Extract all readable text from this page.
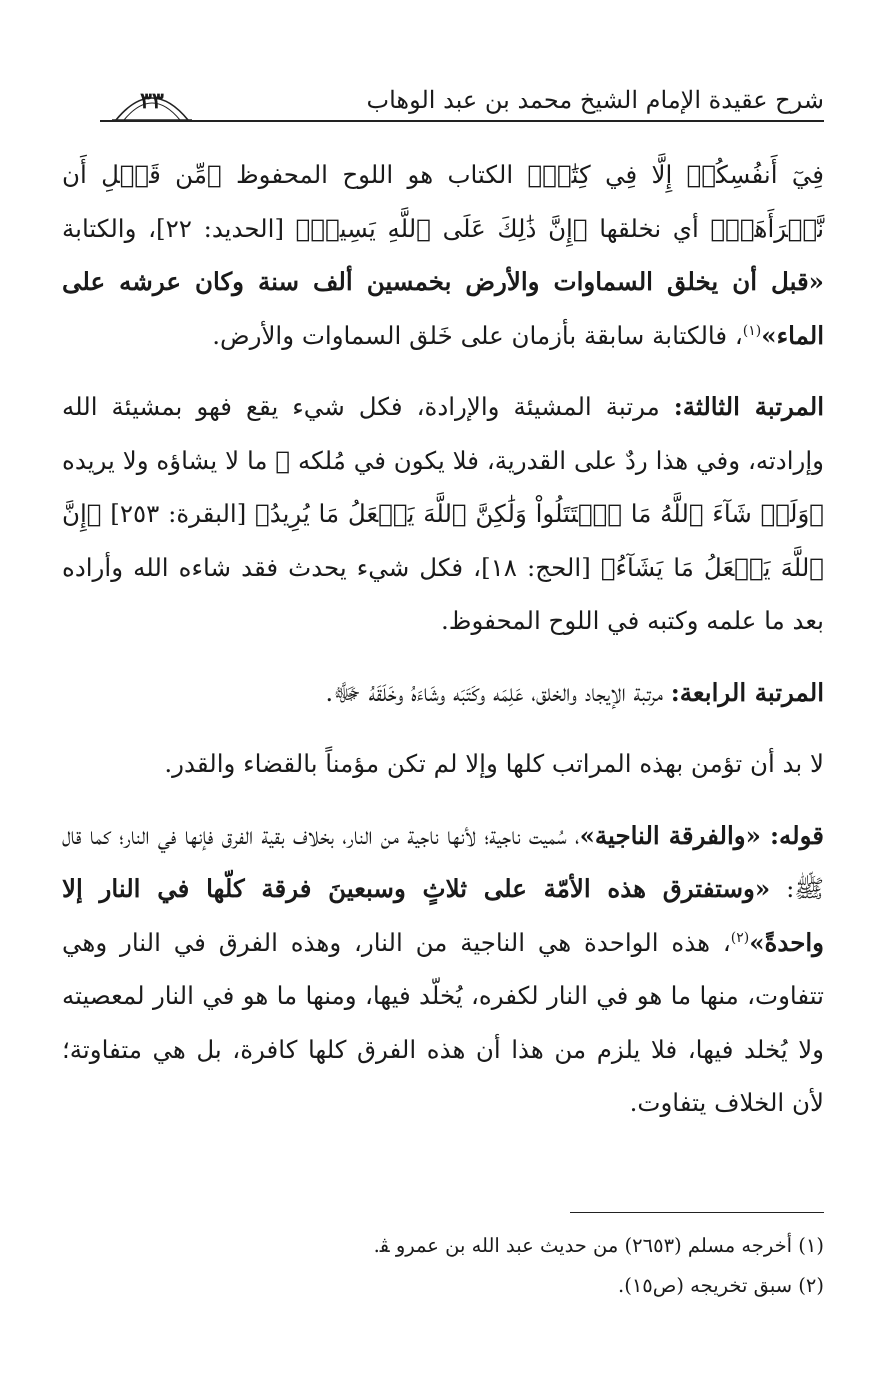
شرح عقيدة الإمام الشيخ محمد بن عبد الوهاب
٣٣

فِيٓ أَنفُسِكُمۡ إِلَّا فِي كِتَٰبٖ﴾ الكتاب هو اللوح المحفوظ ﴿مِّن قَبۡلِ أَن نَّبۡرَأَهَآۚ﴾ أي نخلقها ﴿إِنَّ ذَٰلِكَ عَلَى ٱللَّهِ يَسِيرٞ﴾ [الحديد: ٢٢]، والكتابة «قبل أن يخلق السماوات والأرض بخمسين ألف سنة وكان عرشه على الماء»$^{(١)}$، فالكتابة سابقة بأزمان على خَلق السماوات والأرض.

المرتبة الثالثة: مرتبة المشيئة والإرادة، فكل شيء يقع فهو بمشيئة الله وإرادته، وفي هذا ردٌ على القدرية، فلا يكون في مُلكه ﷻ ما لا يشاؤه ولا يريده ﴿وَلَوۡ شَآءَ ٱللَّهُ مَا ٱقۡتَتَلُواْ وَلَٰكِنَّ ٱللَّهَ يَفۡعَلُ مَا يُرِيدُ﴾ [البقرة: ٢٥٣] ﴿إِنَّ ٱللَّهَ يَفۡعَلُ مَا يَشَآءُ﴾ [الحج: ١٨]، فكل شيء يحدث فقد شاءه الله وأراده بعد ما علمه وكتبه في اللوح المحفوظ.

المرتبة الرابعة: مرتبة الإيجاد والخلق، عَلِمَه وكَتَبَه وشَاءَهُ وخَلَقَهُ ﷻ.

لا بد أن تؤمن بهذه المراتب كلها وإلا لم تكن مؤمناً بالقضاء والقدر.

قوله: «والفرقة الناجية»، سُميت ناجية؛ لأنها ناجية من النار، بخلاف بقية الفرق فإنها في النار؛ كما قال ﷺ: «وستفترق هذه الأمّة على ثلاثٍ وسبعينَ فرقة كلّها في النار إلا واحدةً»$^{(٢)}$، هذه الواحدة هي الناجية من النار، وهذه الفرق في النار وهي تتفاوت، منها ما هو في النار لكفره، يُخلّد فيها، ومنها ما هو في النار لمعصيته ولا يُخلد فيها، فلا يلزم من هذا أن هذه الفرق كلها كافرة، بل هي متفاوتة؛ لأن الخلاف يتفاوت.

(١) أخرجه مسلم (٢٦٥٣) من حديث عبد الله بن عمرو ﭭ.

(٢) سبق تخريجه (ص١٥).
